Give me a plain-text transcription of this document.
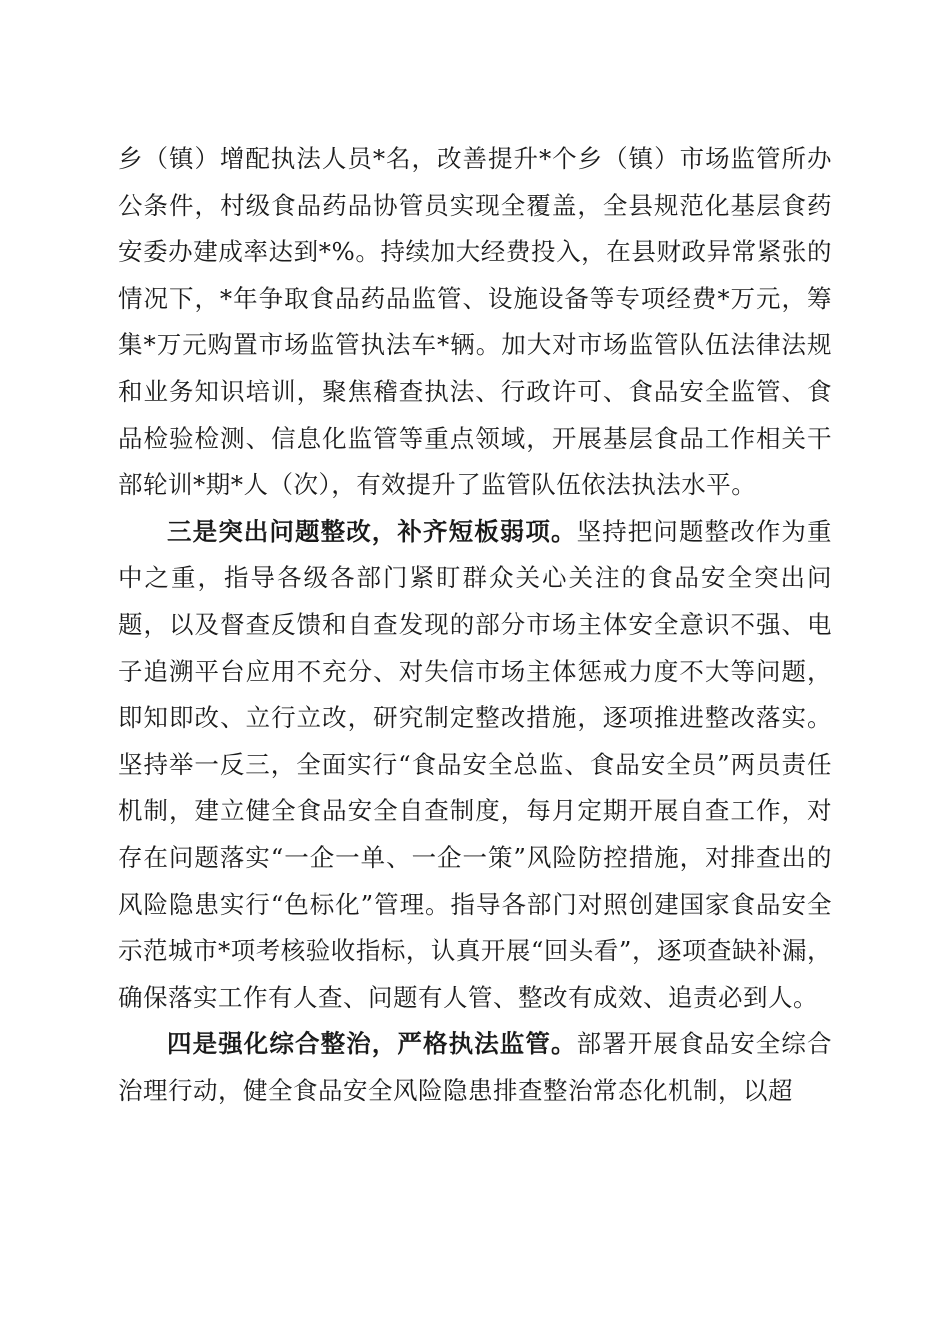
乡（镇）增配执法人员*名，改善提升*个乡（镇）市场监管所办公条件，村级食品药品协管员实现全覆盖，全县规范化基层食药安委办建成率达到*%。持续加大经费投入，在县财政异常紧张的情况下，*年争取食品药品监管、设施设备等专项经费*万元，筹集*万元购置市场监管执法车*辆。加大对市场监管队伍法律法规和业务知识培训，聚焦稽查执法、行政许可、食品安全监管、食品检验检测、信息化监管等重点领域，开展基层食品工作相关干部轮训*期*人（次），有效提升了监管队伍依法执法水平。

三是突出问题整改，补齐短板弱项。坚持把问题整改作为重中之重，指导各级各部门紧盯群众关心关注的食品安全突出问题，以及督查反馈和自查发现的部分市场主体安全意识不强、电子追溯平台应用不充分、对失信市场主体惩戒力度不大等问题，即知即改、立行立改，研究制定整改措施，逐项推进整改落实。坚持举一反三，全面实行“食品安全总监、食品安全员”两员责任机制，建立健全食品安全自查制度，每月定期开展自查工作，对存在问题落实“一企一单、一企一策”风险防控措施，对排查出的风险隐患实行“色标化”管理。指导各部门对照创建国家食品安全示范城市*项考核验收指标，认真开展“回头看”，逐项查缺补漏，确保落实工作有人查、问题有人管、整改有成效、追责必到人。

四是强化综合整治，严格执法监管。部署开展食品安全综合治理行动，健全食品安全风险隐患排查整治常态化机制，以超
